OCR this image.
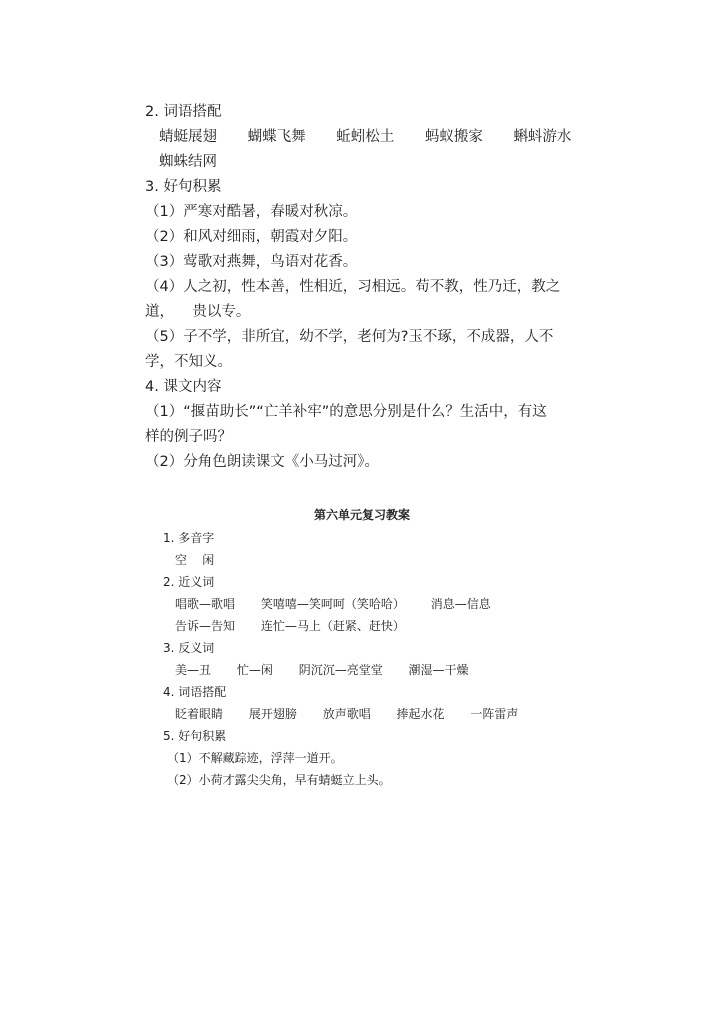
2. 词语搭配
蜻蜓展翅 蝴蝶飞舞 蚯蚓松土 蚂蚁搬家 蝌蚪游水
蜘蛛结网
3. 好句积累
（1）严寒对酷暑，春暖对秋凉。
（2）和风对细雨，朝霞对夕阳。
（3）莺歌对燕舞，鸟语对花香。
（4）人之初，性本善，性相近，习相远。苟不教，性乃迁，教之
道，    贵以专。
（5）子不学，非所宜，幼不学，老何为?玉不琢，不成器，人不
学，不知义。
4. 课文内容
（1）“揠苗助长”“亡羊补牢”的意思分别是什么？生活中，有这
样的例子吗？
（2）分角色朗读课文《小马过河》。
第六单元复习教案
1. 多音字
空    闲
2. 近义词
唱歌—歌唱 笑嘻嘻—笑呵呵（笑哈哈） 消息—信息
告诉—告知 连忙—马上（赶紧、赶快）
3. 反义词
美—丑 忙—闲 阴沉沉—亮堂堂 潮湿—干燥
4. 词语搭配
眨着眼睛 展开翅膀 放声歌唱 捧起水花 一阵雷声
5. 好句积累
（1）不解藏踪迹，浮萍一道开。
（2）小荷才露尖尖角，早有蜻蜓立上头。
